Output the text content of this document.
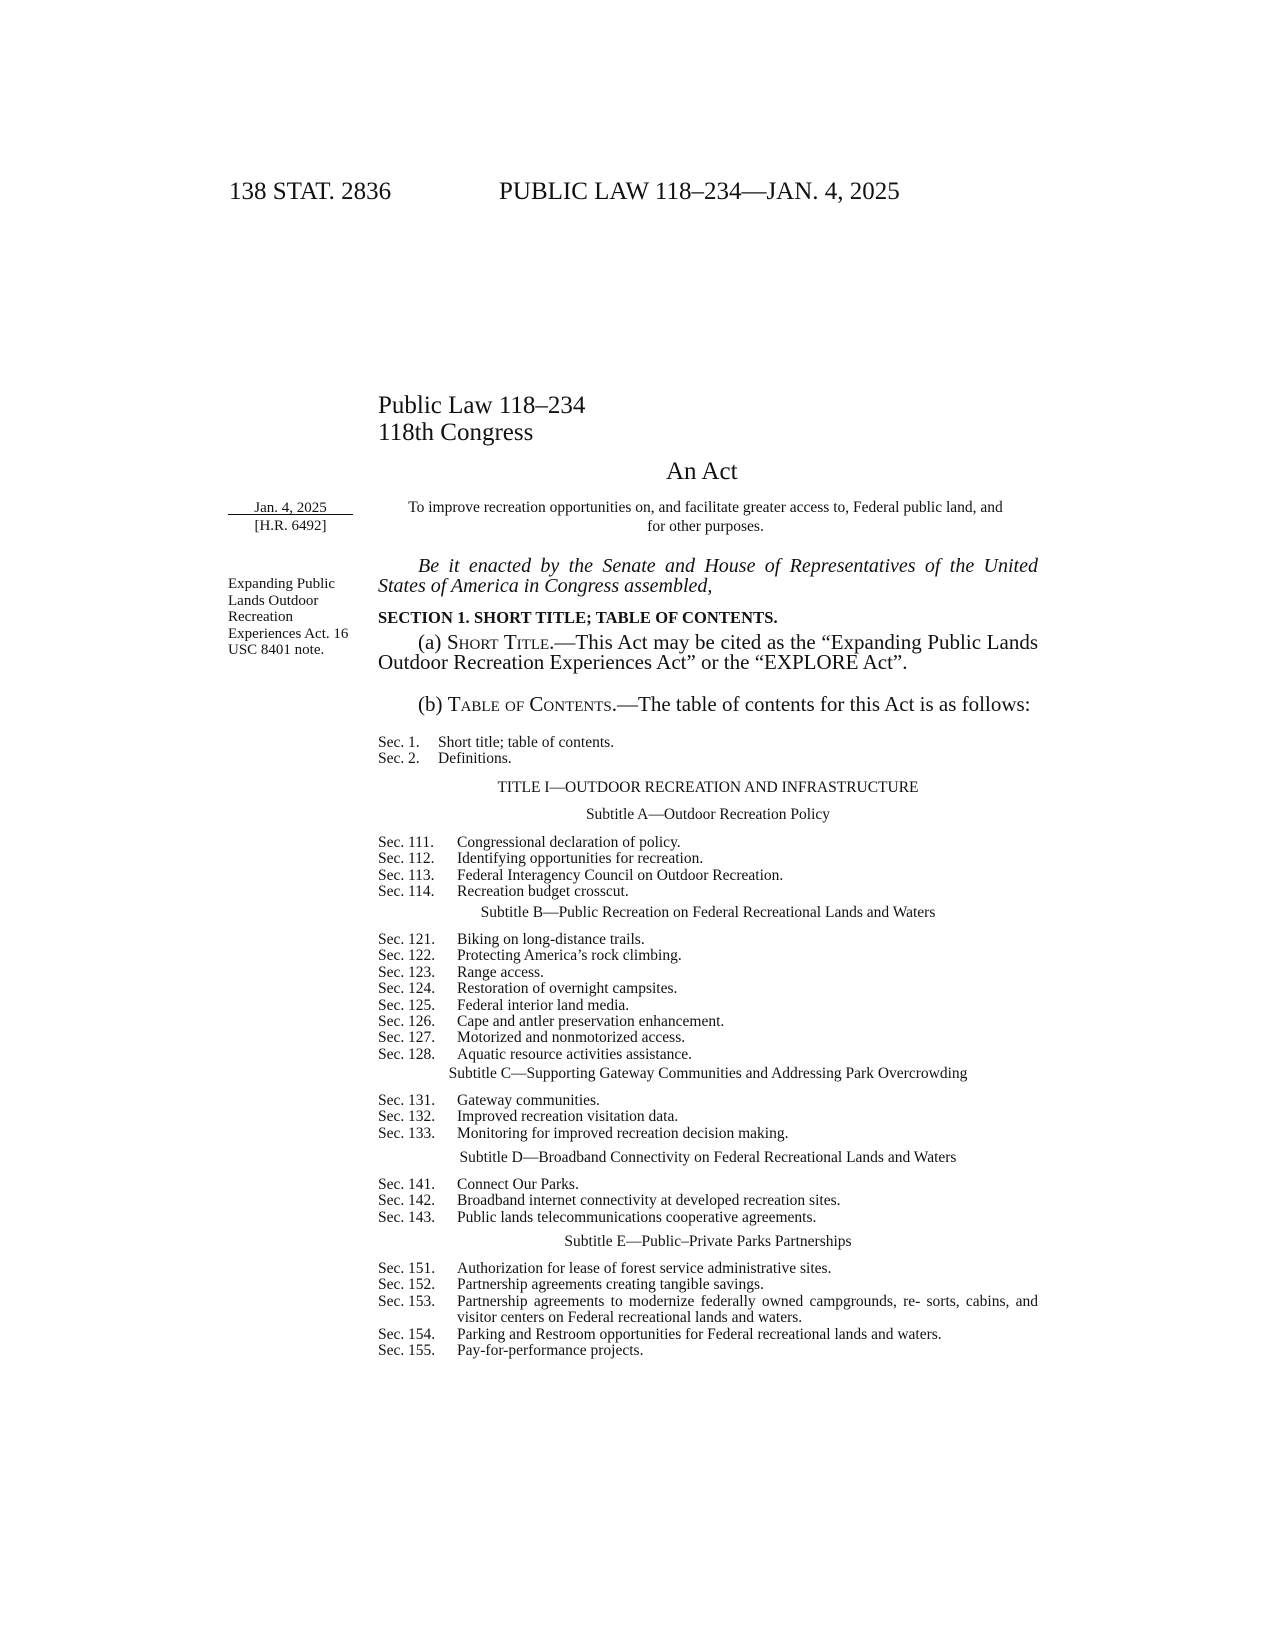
138 STAT. 2836	PUBLIC LAW 118–234—JAN. 4, 2025
Public Law 118–234
118th Congress
An Act
Jan. 4, 2025
[H.R. 6492]
Expanding Public Lands Outdoor Recreation Experiences Act. 16 USC 8401 note.
To improve recreation opportunities on, and facilitate greater access to, Federal public land, and for other purposes.
Be it enacted by the Senate and House of Representatives of the United States of America in Congress assembled,
SECTION 1. SHORT TITLE; TABLE OF CONTENTS.
(a) Short Title.—This Act may be cited as the “Expanding Public Lands Outdoor Recreation Experiences Act” or the “EXPLORE Act”.
(b) Table of Contents.—The table of contents for this Act is as follows:
Sec. 1.	Short title; table of contents.
Sec. 2.	Definitions.
TITLE I—OUTDOOR RECREATION AND INFRASTRUCTURE
Subtitle A—Outdoor Recreation Policy
Sec. 111.	Congressional declaration of policy.
Sec. 112.	Identifying opportunities for recreation.
Sec. 113.	Federal Interagency Council on Outdoor Recreation.
Sec. 114.	Recreation budget crosscut.
Subtitle B—Public Recreation on Federal Recreational Lands and Waters
Sec. 121.	Biking on long-distance trails.
Sec. 122.	Protecting America’s rock climbing.
Sec. 123.	Range access.
Sec. 124.	Restoration of overnight campsites.
Sec. 125.	Federal interior land media.
Sec. 126.	Cape and antler preservation enhancement.
Sec. 127.	Motorized and nonmotorized access.
Sec. 128.	Aquatic resource activities assistance.
Subtitle C—Supporting Gateway Communities and Addressing Park Overcrowding
Sec. 131.	Gateway communities.
Sec. 132.	Improved recreation visitation data.
Sec. 133.	Monitoring for improved recreation decision making.
Subtitle D—Broadband Connectivity on Federal Recreational Lands and Waters
Sec. 141.	Connect Our Parks.
Sec. 142.	Broadband internet connectivity at developed recreation sites.
Sec. 143.	Public lands telecommunications cooperative agreements.
Subtitle E—Public–Private Parks Partnerships
Sec. 151.	Authorization for lease of forest service administrative sites.
Sec. 152.	Partnership agreements creating tangible savings.
Sec. 153.	Partnership agreements to modernize federally owned campgrounds, re- sorts, cabins, and visitor centers on Federal recreational lands and waters.
Sec. 154.	Parking and Restroom opportunities for Federal recreational lands and waters.
Sec. 155.	Pay-for-performance projects.
